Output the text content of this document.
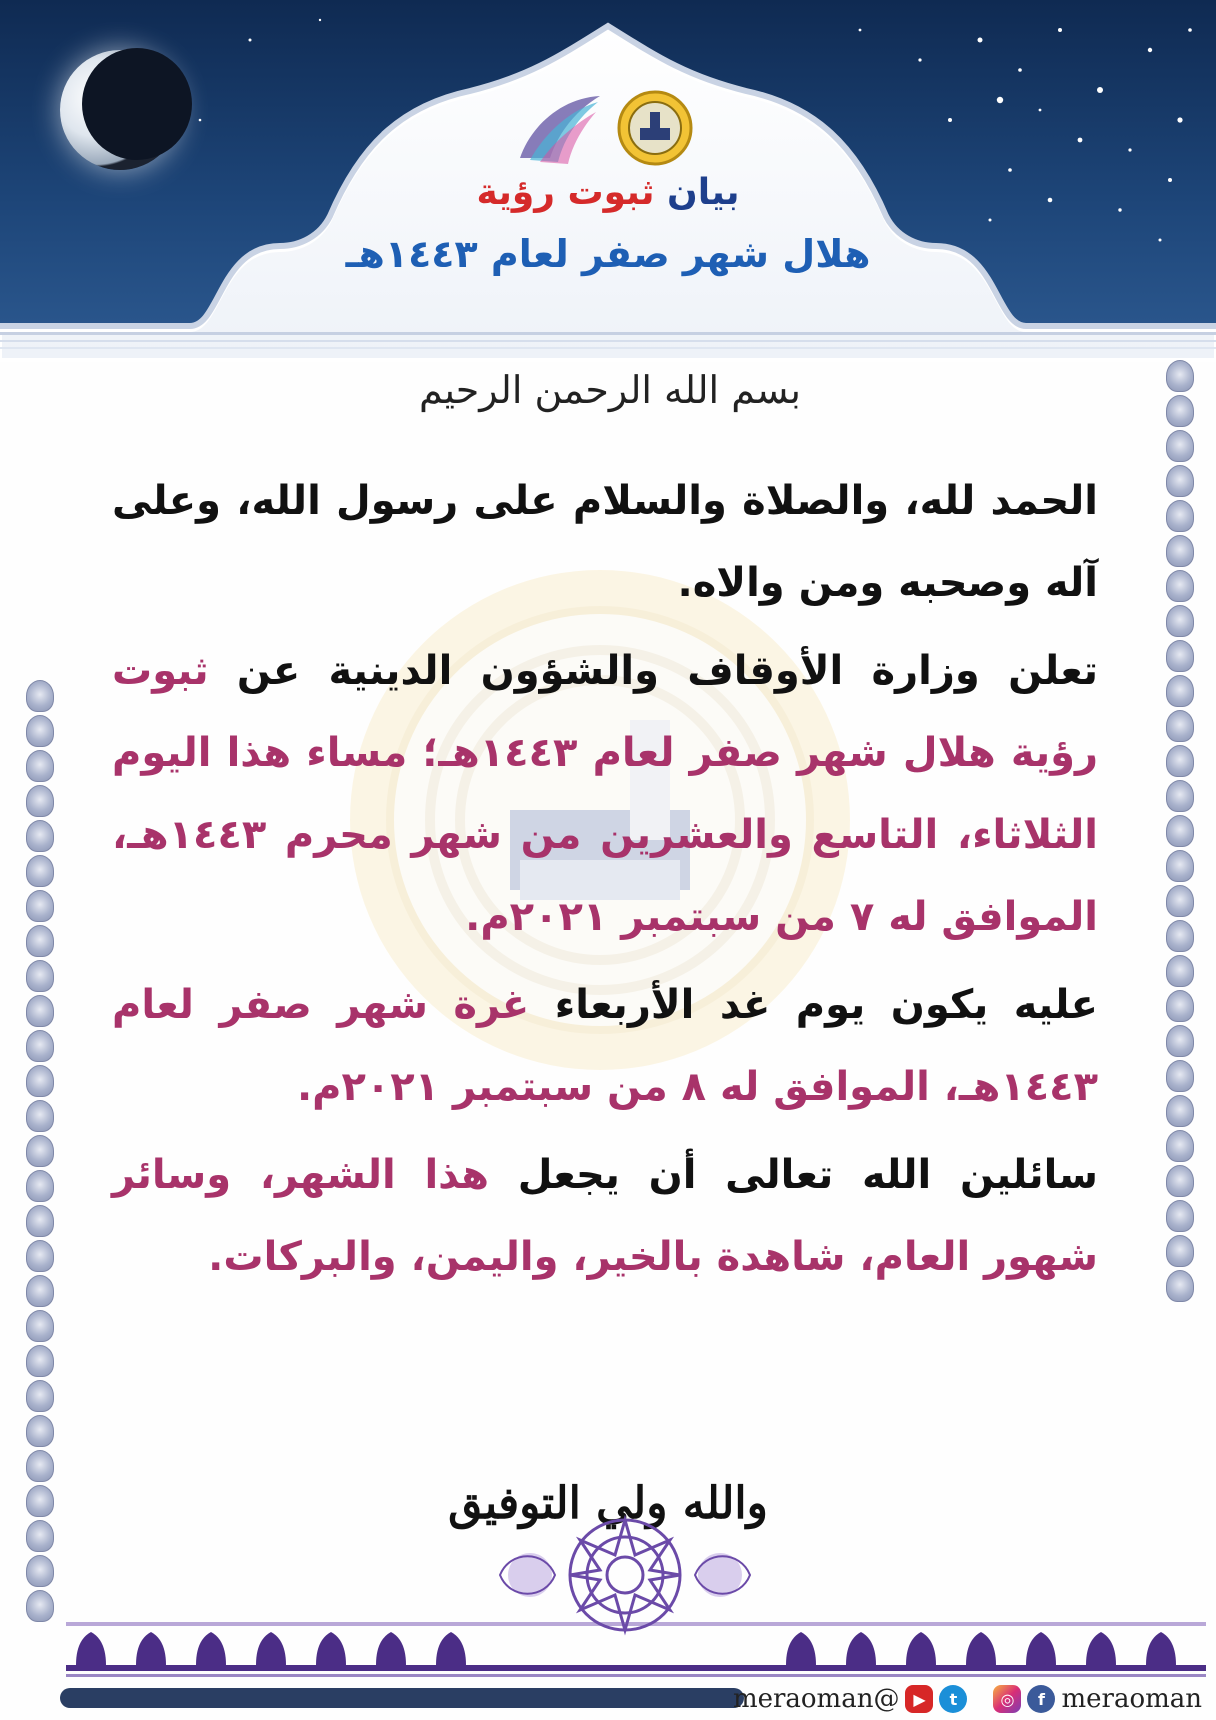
بيان ثبوت رؤية
هلال شهر صفر لعام ١٤٤٣هـ
بسم الله الرحمن الرحيم

الحمد لله، والصلاة والسلام على رسول الله، وعلى آله وصحبه ومن والاه.

تعلن وزارة الأوقاف والشؤون الدينية عن ثبوت رؤية هلال شهر صفر لعام ١٤٤٣هـ؛ مساء هذا اليوم الثلاثاء، التاسع والعشرين من شهر محرم ١٤٤٣هـ، الموافق له ٧ من سبتمبر ٢٠٢١م.

عليه يكون يوم غد الأربعاء غرة شهر صفر لعام ١٤٤٣هـ، الموافق له ٨ من سبتمبر ٢٠٢١م.

سائلين الله تعالى أن يجعل هذا الشهر، وسائر شهور العام، شاهدة بالخير، واليمن، والبركات.

والله ولي التوفيق
meraoman@ ▶	t	◎	f meraoman
